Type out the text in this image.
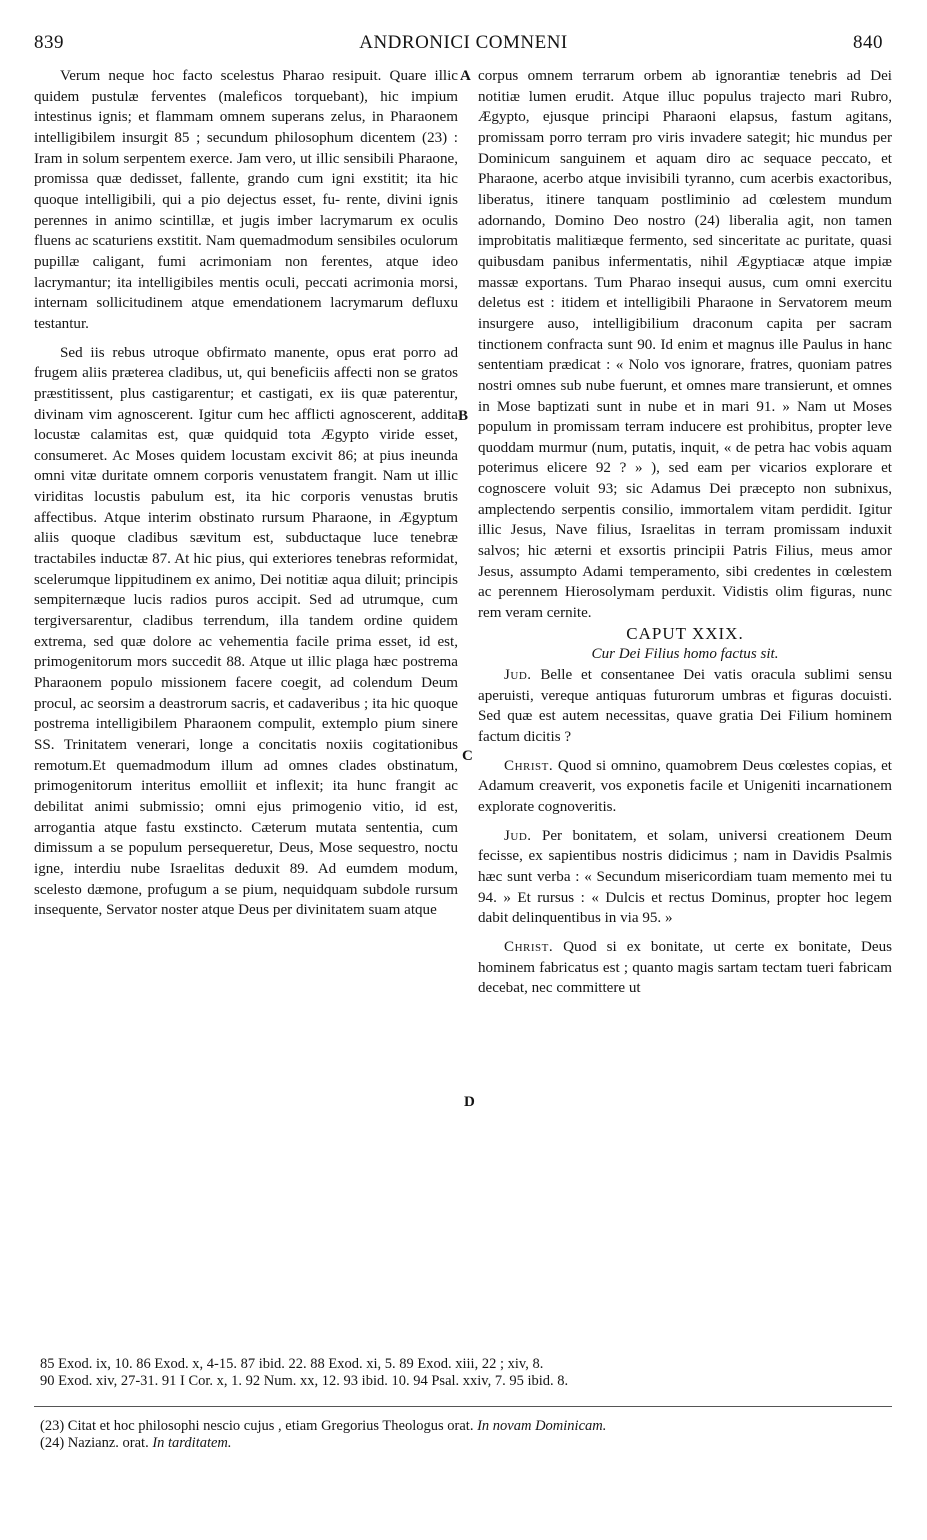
839	ANDRONICI COMNENI	840
A
B
C
D

Verum neque hoc facto scelestus Pharao resipuit. Quare illic quidem pustulæ ferventes (maleficos torquebant), hic impium intestinus ignis; et flammam omnem superans zelus, in Pharaonem intelligibilem insurgit 85 ; secundum philosophum dicentem (23) : Iram in solum serpentem exerce. Jam vero, ut illic sensibili Pharaone, promissa quæ dedisset, fallente, grando cum igni exstitit; ita hic quoque intelligibili, qui a pio dejectus esset, fu- rente, divini ignis perennes in animo scintillæ, et jugis imber lacrymarum ex oculis fluens ac scaturiens exstitit. Nam quemadmodum sensibiles oculorum pupillæ caligant, fumi acrimoniam non ferentes, atque ideo lacrymantur; ita intelligibiles mentis oculi, peccati acrimonia morsi, internam sollicitudinem atque emendationem lacrymarum defluxu testantur.

Sed iis rebus utroque obfirmato manente, opus erat porro ad frugem aliis præterea cladibus, ut, qui beneficiis affecti non se gratos præstitissent, plus castigarentur; et castigati, ex iis quæ paterentur, divinam vim agnoscerent. Igitur cum hec afflicti agnoscerent, addita locustæ calamitas est, quæ quidquid tota Ægypto viride esset, consumeret. Ac Moses quidem locustam excivit 86; at pius ineunda omni vitæ duritate omnem corporis venustatem frangit. Nam ut illic viriditas locustis pabulum est, ita hic corporis venustas brutis affectibus. Atque interim obstinato rursum Pharaone, in Ægyptum aliis quoque cladibus sævitum est, subductaque luce tenebræ tractabiles inductæ 87. At hic pius, qui exteriores tenebras reformidat, scelerumque lippitudinem ex animo, Dei notitiæ aqua diluit; principis sempiternæque lucis radios puros accipit. Sed ad utrumque, cum tergiversarentur, cladibus terrendum, illa tandem ordine quidem extrema, sed quæ dolore ac vehementia facile prima esset, id est, primogenitorum mors succedit 88. Atque ut illic plaga hæc postrema Pharaonem populo missionem facere coegit, ad colendum Deum procul, ac seorsim a deastrorum sacris, et cadaveribus ; ita hic quoque postrema intelligibilem Pharaonem compulit, extemplo pium sinere SS. Trinitatem venerari, longe a concitatis noxiis cogitationibus remotum.Et quemadmodum illum ad omnes clades obstinatum, primogenitorum interitus emolliit et inflexit; ita hunc frangit ac debilitat animi submissio; omni ejus primogenio vitio, id est, arrogantia atque fastu exstincto. Cæterum mutata sententia, cum dimissum a se populum persequeretur, Deus, Mose sequestro, noctu igne, interdiu nube Israelitas deduxit 89. Ad eumdem modum, scelesto dæmone, profugum a se pium, nequidquam subdole rursum insequente, Servator noster atque Deus per divinitatem suam atque

corpus omnem terrarum orbem ab ignorantiæ tenebris ad Dei notitiæ lumen erudit. Atque illuc populus trajecto mari Rubro, Ægypto, ejusque principi Pharaoni elapsus, fastum agitans, promissam porro terram pro viris invadere sategit; hic mundus per Dominicum sanguinem et aquam diro ac sequace peccato, et Pharaone, acerbo atque invisibili tyranno, cum acerbis exactoribus, liberatus, itinere tanquam postliminio ad cœlestem mundum adornando, Domino Deo nostro (24) liberalia agit, non tamen improbitatis malitiæque fermento, sed sinceritate ac puritate, quasi quibusdam panibus infermentatis, nihil Ægyptiacæ atque impiæ massæ exportans. Tum Pharao insequi ausus, cum omni exercitu deletus est : itidem et intelligibili Pharaone in Servatorem meum insurgere auso, intelligibilium draconum capita per sacram tinctionem confracta sunt 90. Id enim et magnus ille Paulus in hanc sententiam prædicat : « Nolo vos ignorare, fratres, quoniam patres nostri omnes sub nube fuerunt, et omnes mare transierunt, et omnes in Mose baptizati sunt in nube et in mari 91. » Nam ut Moses populum in promissam terram inducere est prohibitus, propter leve quoddam murmur (num, putatis, inquit, « de petra hac vobis aquam poterimus elicere 92 ? » ), sed eam per vicarios explorare et cognoscere voluit 93; sic Adamus Dei præcepto non subnixus, amplectendo serpentis consilio, immortalem vitam perdidit. Igitur illic Jesus, Nave filius, Israelitas in terram promissam induxit salvos; hic æterni et exsortis principii Patris Filius, meus amor Jesus, assumpto Adami temperamento, sibi credentes in cœlestem ac perennem Hierosolymam perduxit. Vidistis olim figuras, nunc rem veram cernite.

CAPUT XXIX.

Cur Dei Filius homo factus sit.

Jud. Belle et consentanee Dei vatis oracula sublimi sensu aperuisti, vereque antiquas futurorum umbras et figuras docuisti. Sed quæ est autem necessitas, quave gratia Dei Filium hominem factum dicitis ?

Christ. Quod si omnino, quamobrem Deus cœlestes copias, et Adamum creaverit, vos exponetis facile et Unigeniti incarnationem explorate cognoveritis.

Jud. Per bonitatem, et solam, universi creationem Deum fecisse, ex sapientibus nostris didicimus ; nam in Davidis Psalmis hæc sunt verba : « Secundum misericordiam tuam memento mei tu 94. » Et rursus : « Dulcis et rectus Dominus, propter hoc legem dabit delinquentibus in via 95. »

Christ. Quod si ex bonitate, ut certe ex bonitate, Deus hominem fabricatus est ; quanto magis sartam tectam tueri fabricam decebat, nec committere ut

85 Exod. ix, 10. 86 Exod. x, 4-15. 87 ibid. 22. 88 Exod. xi, 5. 89 Exod. xiii, 22 ; xiv, 8.

90 Exod. xiv, 27-31. 91 I Cor. x, 1. 92 Num. xx, 12. 93 ibid. 10. 94 Psal. xxiv, 7. 95 ibid. 8.

(23) Citat et hoc philosophi nescio cujus , etiam Gregorius Theologus orat. In novam Dominicam.

(24) Nazianz. orat. In tarditatem.
